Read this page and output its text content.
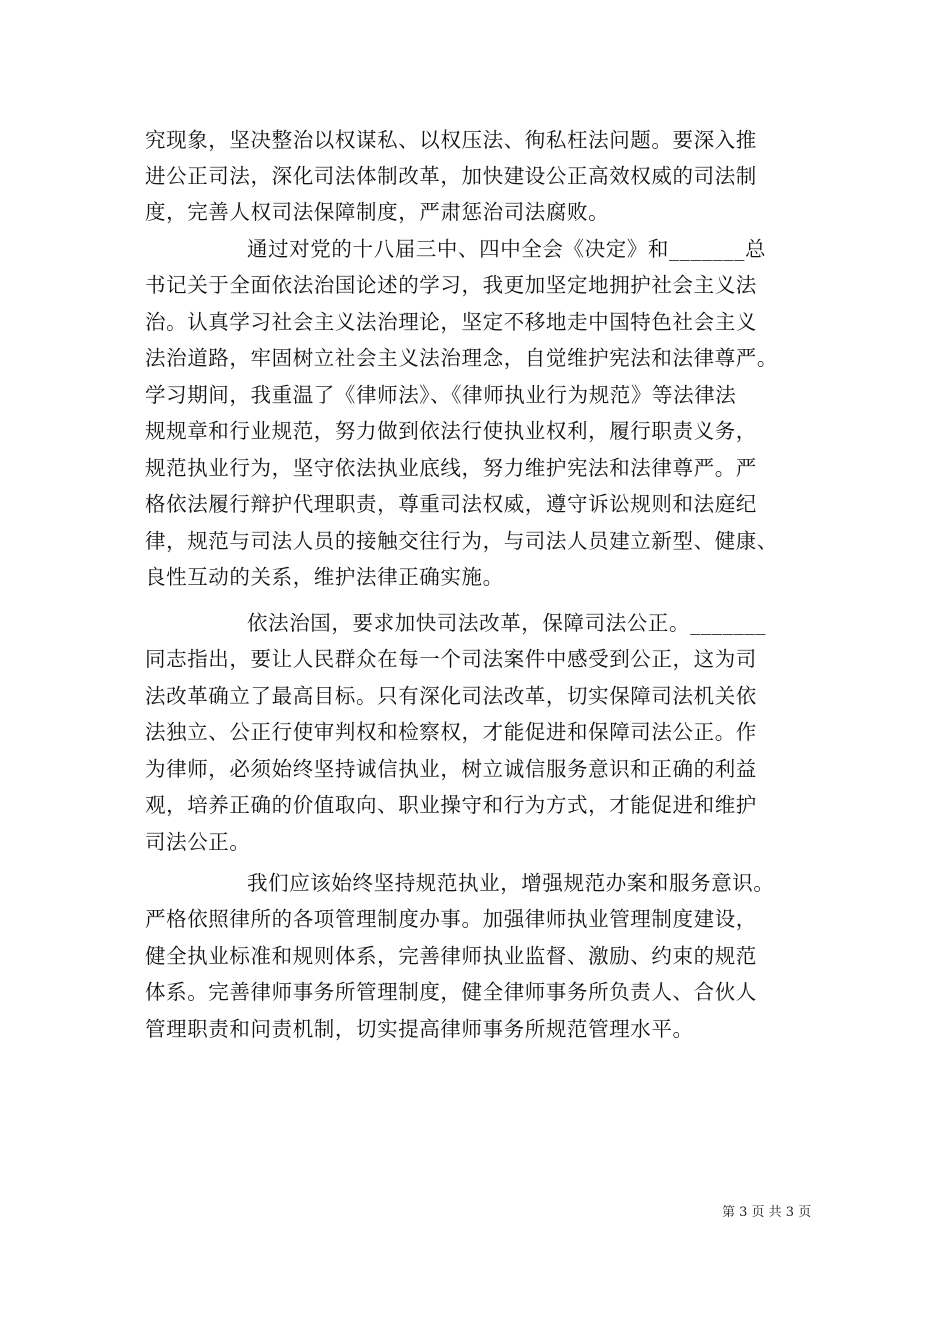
究现象，坚决整治以权谋私、以权压法、徇私枉法问题。要深入推
进公正司法，深化司法体制改革，加快建设公正高效权威的司法制
度，完善人权司法保障制度，严肃惩治司法腐败。
通过对党的十八届三中、四中全会《决定》和_______总
书记关于全面依法治国论述的学习，我更加坚定地拥护社会主义法
治。认真学习社会主义法治理论，坚定不移地走中国特色社会主义
法治道路，牢固树立社会主义法治理念，自觉维护宪法和法律尊严。
学习期间，我重温了《律师法》、《律师执业行为规范》等法律法
规规章和行业规范，努力做到依法行使执业权利，履行职责义务，
规范执业行为，坚守依法执业底线，努力维护宪法和法律尊严。严
格依法履行辩护代理职责，尊重司法权威，遵守诉讼规则和法庭纪
律，规范与司法人员的接触交往行为，与司法人员建立新型、健康、
良性互动的关系，维护法律正确实施。
依法治国，要求加快司法改革，保障司法公正。_______
同志指出，要让人民群众在每一个司法案件中感受到公正，这为司
法改革确立了最高目标。只有深化司法改革，切实保障司法机关依
法独立、公正行使审判权和检察权，才能促进和保障司法公正。作
为律师，必须始终坚持诚信执业，树立诚信服务意识和正确的利益
观，培养正确的价值取向、职业操守和行为方式，才能促进和维护
司法公正。
我们应该始终坚持规范执业，增强规范办案和服务意识。
严格依照律所的各项管理制度办事。加强律师执业管理制度建设，
健全执业标准和规则体系，完善律师执业监督、激励、约束的规范
体系。完善律师事务所管理制度，健全律师事务所负责人、合伙人
管理职责和问责机制，切实提高律师事务所规范管理水平。
第 3 页 共 3 页
